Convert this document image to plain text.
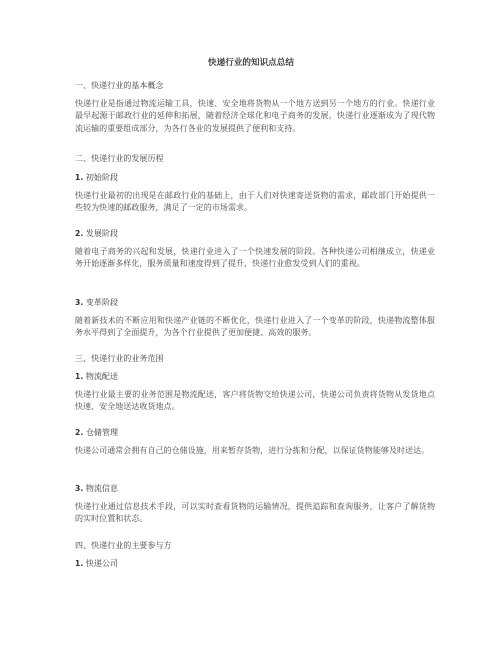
快递行业的知识点总结

一、快递行业的基本概念

快递行业是指通过物流运输工具，快速、安全地将货物从一个地方送到另一个地方的行业。快递行业最早起源于邮政行业的延伸和拓展，随着经济全球化和电子商务的发展，快递行业逐渐成为了现代物流运输的重要组成部分，为各行各业的发展提供了便利和支持。

二、快递行业的发展历程

1. 初始阶段

快递行业最初的出现是在邮政行业的基础上，由于人们对快速寄送货物的需求，邮政部门开始提供一些较为快速的邮政服务，满足了一定的市场需求。

2. 发展阶段

随着电子商务的兴起和发展，快递行业进入了一个快速发展的阶段。各种快递公司相继成立，快递业务开始逐渐多样化，服务质量和速度得到了提升，快递行业愈发受到人们的重视。

3. 变革阶段

随着新技术的不断应用和快递产业链的不断优化，快递行业进入了一个变革的阶段，快递物流整体服务水平得到了全面提升，为各个行业提供了更加便捷、高效的服务。

三、快递行业的业务范围

1. 物流配送

快递行业最主要的业务范围是物流配送，客户将货物交给快递公司，快递公司负责将货物从发货地点快速、安全地送达收货地点。

2. 仓储管理

快递公司通常会拥有自己的仓储设施，用来暂存货物，进行分拣和分配，以保证货物能够及时送达。

3. 物流信息

快递行业通过信息技术手段，可以实时查看货物的运输情况，提供追踪和查询服务，让客户了解货物的实时位置和状态。

四、快递行业的主要参与方

1. 快递公司
